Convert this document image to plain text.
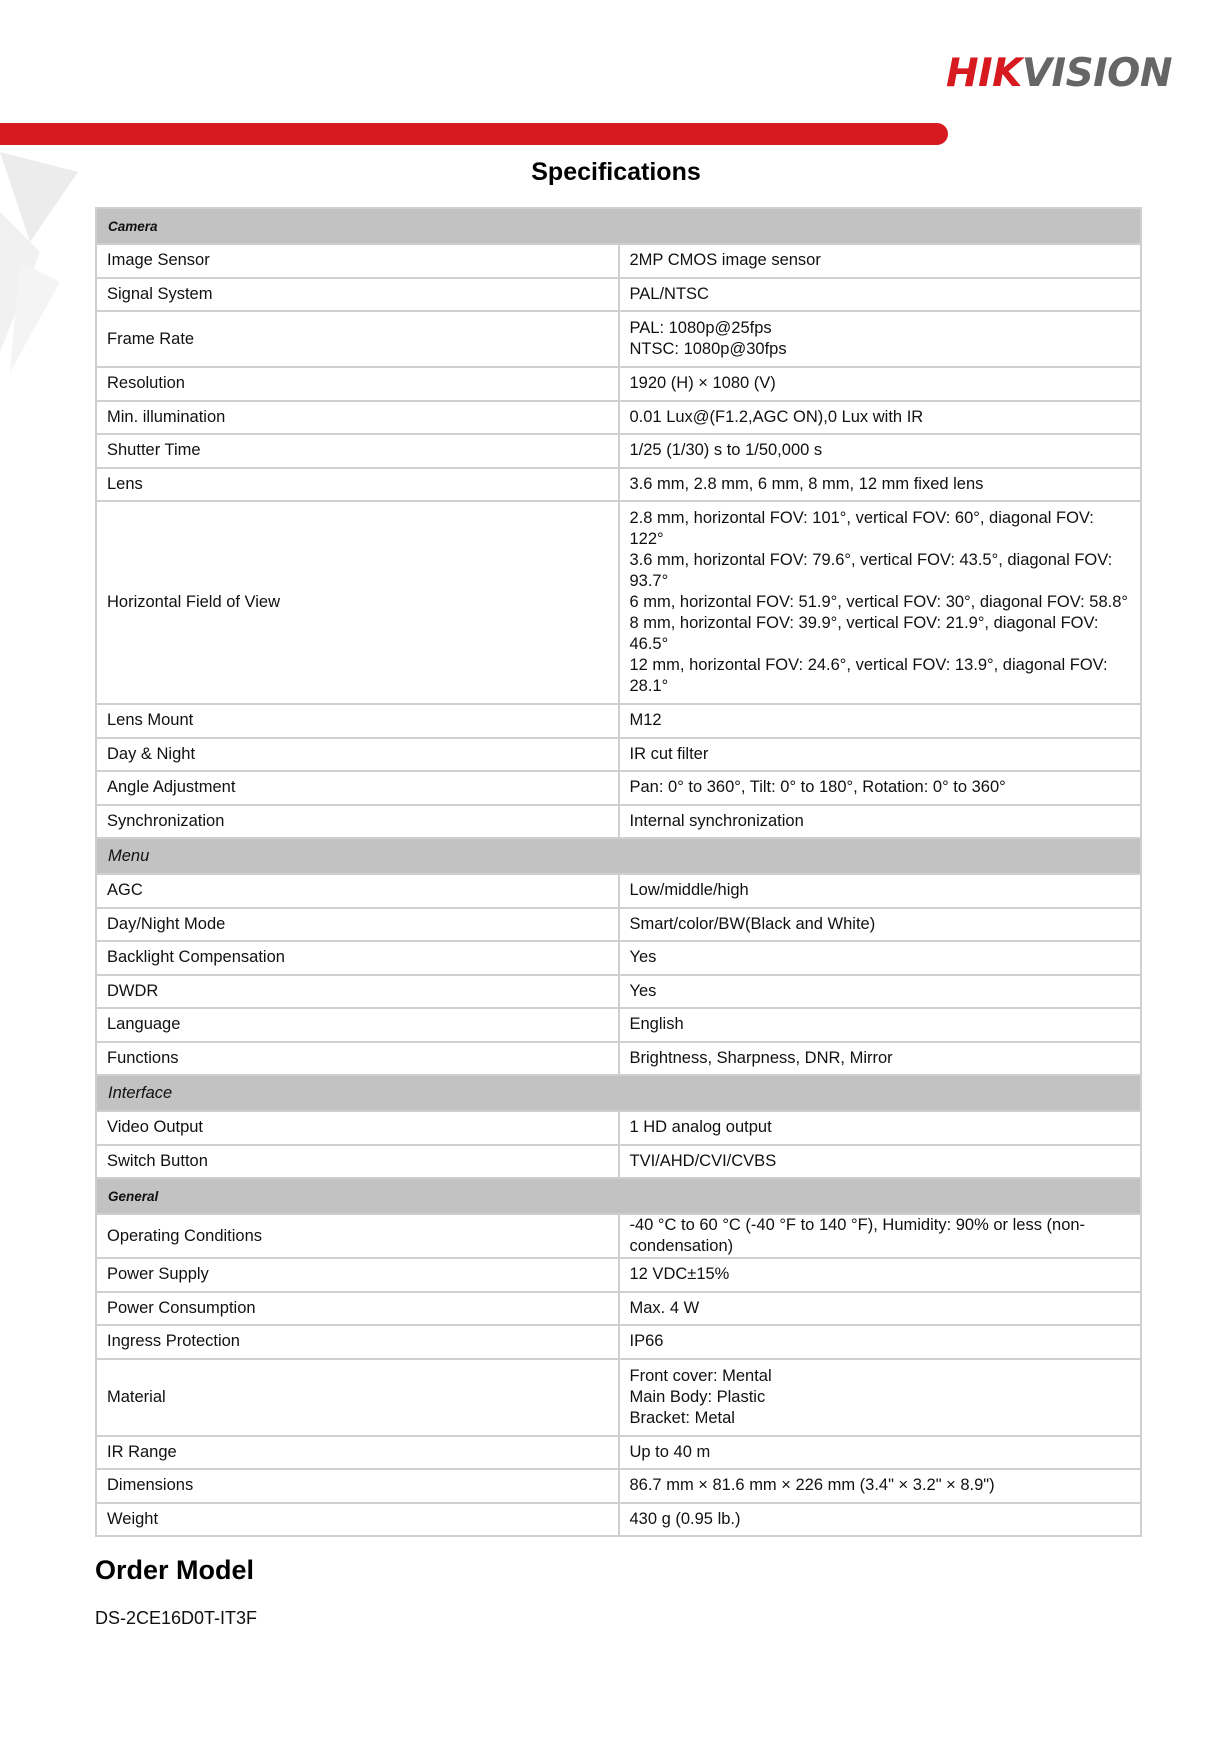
HIKVISION
Specifications
Camera	
Image Sensor	2MP CMOS image sensor
Signal System	PAL/NTSC
Frame Rate	PAL: 1080p@25fps
NTSC: 1080p@30fps
Resolution	1920 (H) × 1080 (V)
Min. illumination	0.01 Lux@(F1.2,AGC ON),0 Lux with IR
Shutter Time	1/25 (1/30) s to 1/50,000 s
Lens	3.6 mm, 2.8 mm, 6 mm, 8 mm, 12 mm fixed lens
Horizontal Field of View	2.8 mm, horizontal FOV: 101°, vertical FOV: 60°, diagonal FOV: 122°
3.6 mm, horizontal FOV: 79.6°, vertical FOV: 43.5°, diagonal FOV: 93.7°
6 mm, horizontal FOV: 51.9°, vertical FOV: 30°, diagonal FOV: 58.8°
8 mm, horizontal FOV: 39.9°, vertical FOV: 21.9°, diagonal FOV: 46.5°
12 mm, horizontal FOV: 24.6°, vertical FOV: 13.9°, diagonal FOV: 28.1°
Lens Mount	M12
Day & Night	IR cut filter
Angle Adjustment	Pan: 0° to 360°, Tilt: 0° to 180°, Rotation: 0° to 360°
Synchronization	Internal synchronization
Menu	
AGC	Low/middle/high
Day/Night Mode	Smart/color/BW(Black and White)
Backlight Compensation	Yes
DWDR	Yes
Language	English
Functions	Brightness, Sharpness, DNR, Mirror
Interface	
Video Output	1 HD analog output
Switch Button	TVI/AHD/CVI/CVBS
General	
Operating Conditions	-40 °C to 60 °C (-40 °F to 140 °F), Humidity: 90% or less (non-condensation)
Power Supply	12 VDC±15%
Power Consumption	Max. 4 W
Ingress Protection	IP66
Material	Front cover: Mental
Main Body: Plastic
Bracket: Metal
IR Range	Up to 40 m
Dimensions	86.7 mm × 81.6 mm × 226 mm (3.4" × 3.2" × 8.9")
Weight	430 g (0.95 lb.)
Order Model
DS-2CE16D0T-IT3F
